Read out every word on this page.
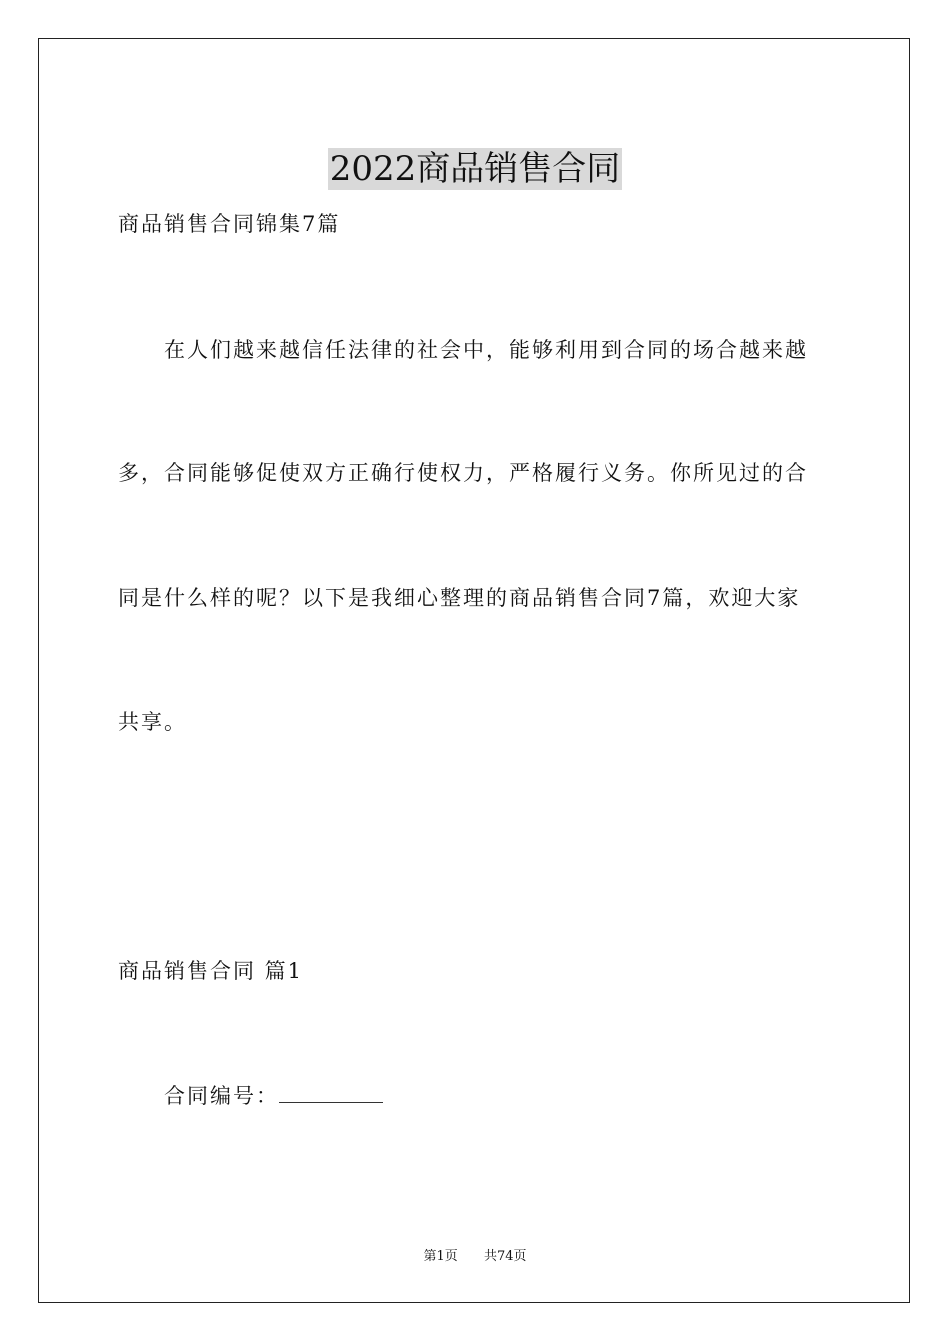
2022商品销售合同
商品销售合同锦集7篇
在人们越来越信任法律的社会中，能够利用到合同的场合越来越
多，合同能够促使双方正确行使权力，严格履行义务。你所见过的合
同是什么样的呢？以下是我细心整理的商品销售合同7篇，欢迎大家
共享。
商品销售合同 篇1
合同编号：
第1页 共74页
